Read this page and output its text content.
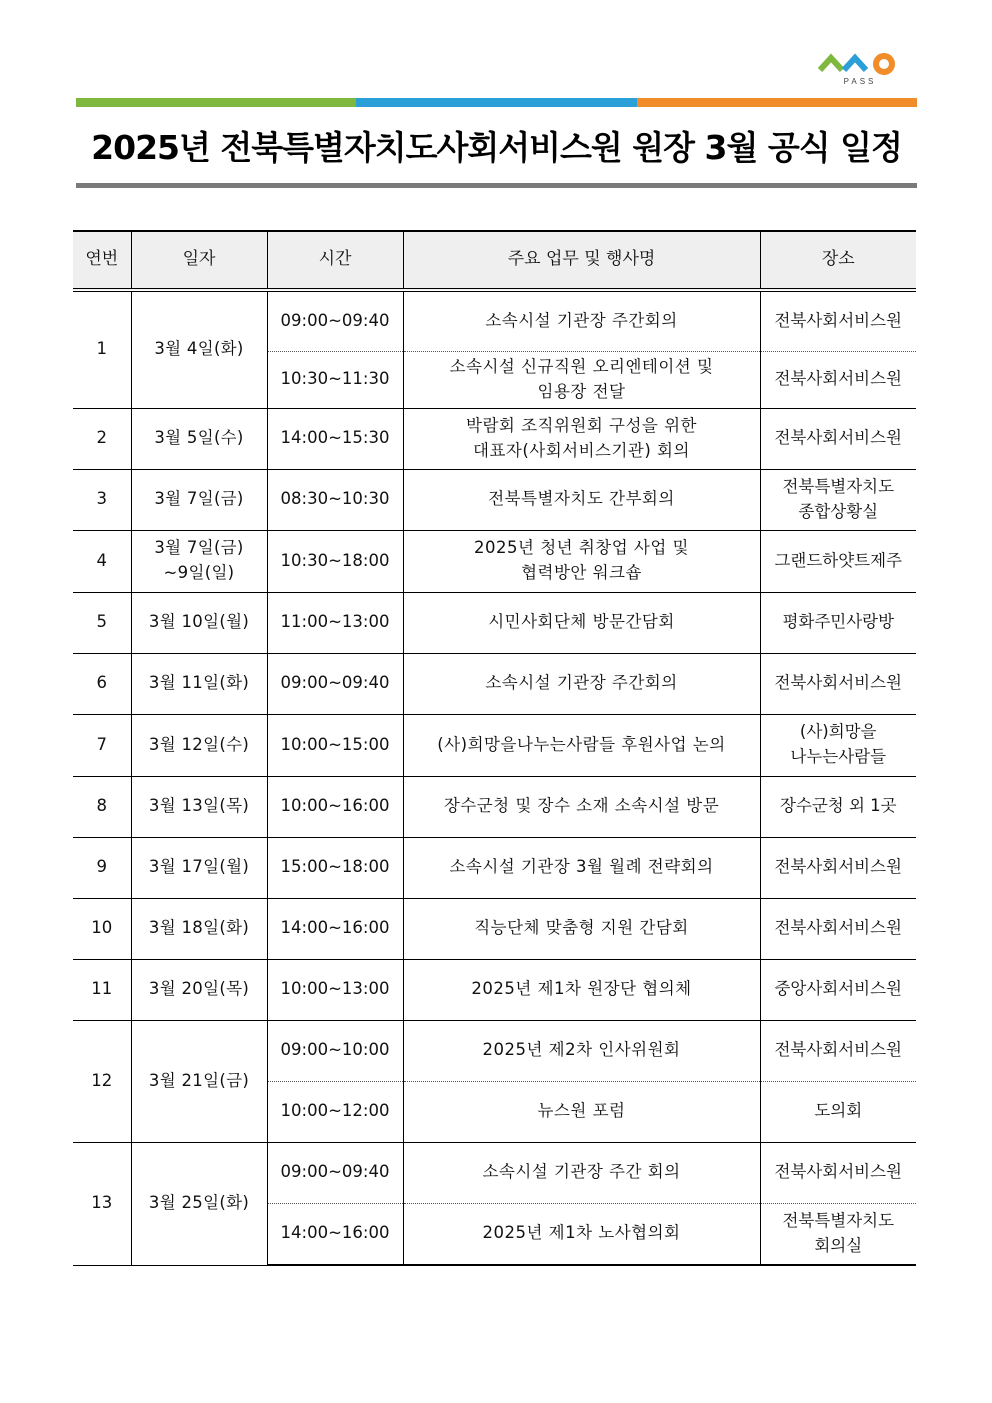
PASS
2025년 전북특별자치도사회서비스원 원장 3월 공식 일정
연번	일자	시간	주요 업무 및 행사명	장소
1	3월 4일(화)	09:00~09:40	소속시설 기관장 주간회의	전북사회서비스원
		10:30~11:30	소속시설 신규직원 오리엔테이션 및
임용장 전달	전북사회서비스원
2	3월 5일(수)	14:00~15:30	박람회 조직위원회 구성을 위한
대표자(사회서비스기관) 회의	전북사회서비스원
3	3월 7일(금)	08:30~10:30	전북특별자치도 간부회의	전북특별자치도
종합상황실
4	3월 7일(금)
~9일(일)	10:30~18:00	2025년 청년 취창업 사업 및
협력방안 워크숍	그랜드하얏트제주
5	3월 10일(월)	11:00~13:00	시민사회단체 방문간담회	평화주민사랑방
6	3월 11일(화)	09:00~09:40	소속시설 기관장 주간회의	전북사회서비스원
7	3월 12일(수)	10:00~15:00	(사)희망을나누는사람들 후원사업 논의	(사)희망을
나누는사람들
8	3월 13일(목)	10:00~16:00	장수군청 및 장수 소재 소속시설 방문	장수군청 외 1곳
9	3월 17일(월)	15:00~18:00	소속시설 기관장 3월 월례 전략회의	전북사회서비스원
10	3월 18일(화)	14:00~16:00	직능단체 맞춤형 지원 간담회	전북사회서비스원
11	3월 20일(목)	10:00~13:00	2025년 제1차 원장단 협의체	중앙사회서비스원
12	3월 21일(금)	09:00~10:00	2025년 제2차 인사위원회	전북사회서비스원
		10:00~12:00	뉴스원 포럼	도의회
13	3월 25일(화)	09:00~09:40	소속시설 기관장 주간 회의	전북사회서비스원
		14:00~16:00	2025년 제1차 노사협의회	전북특별자치도
회의실
